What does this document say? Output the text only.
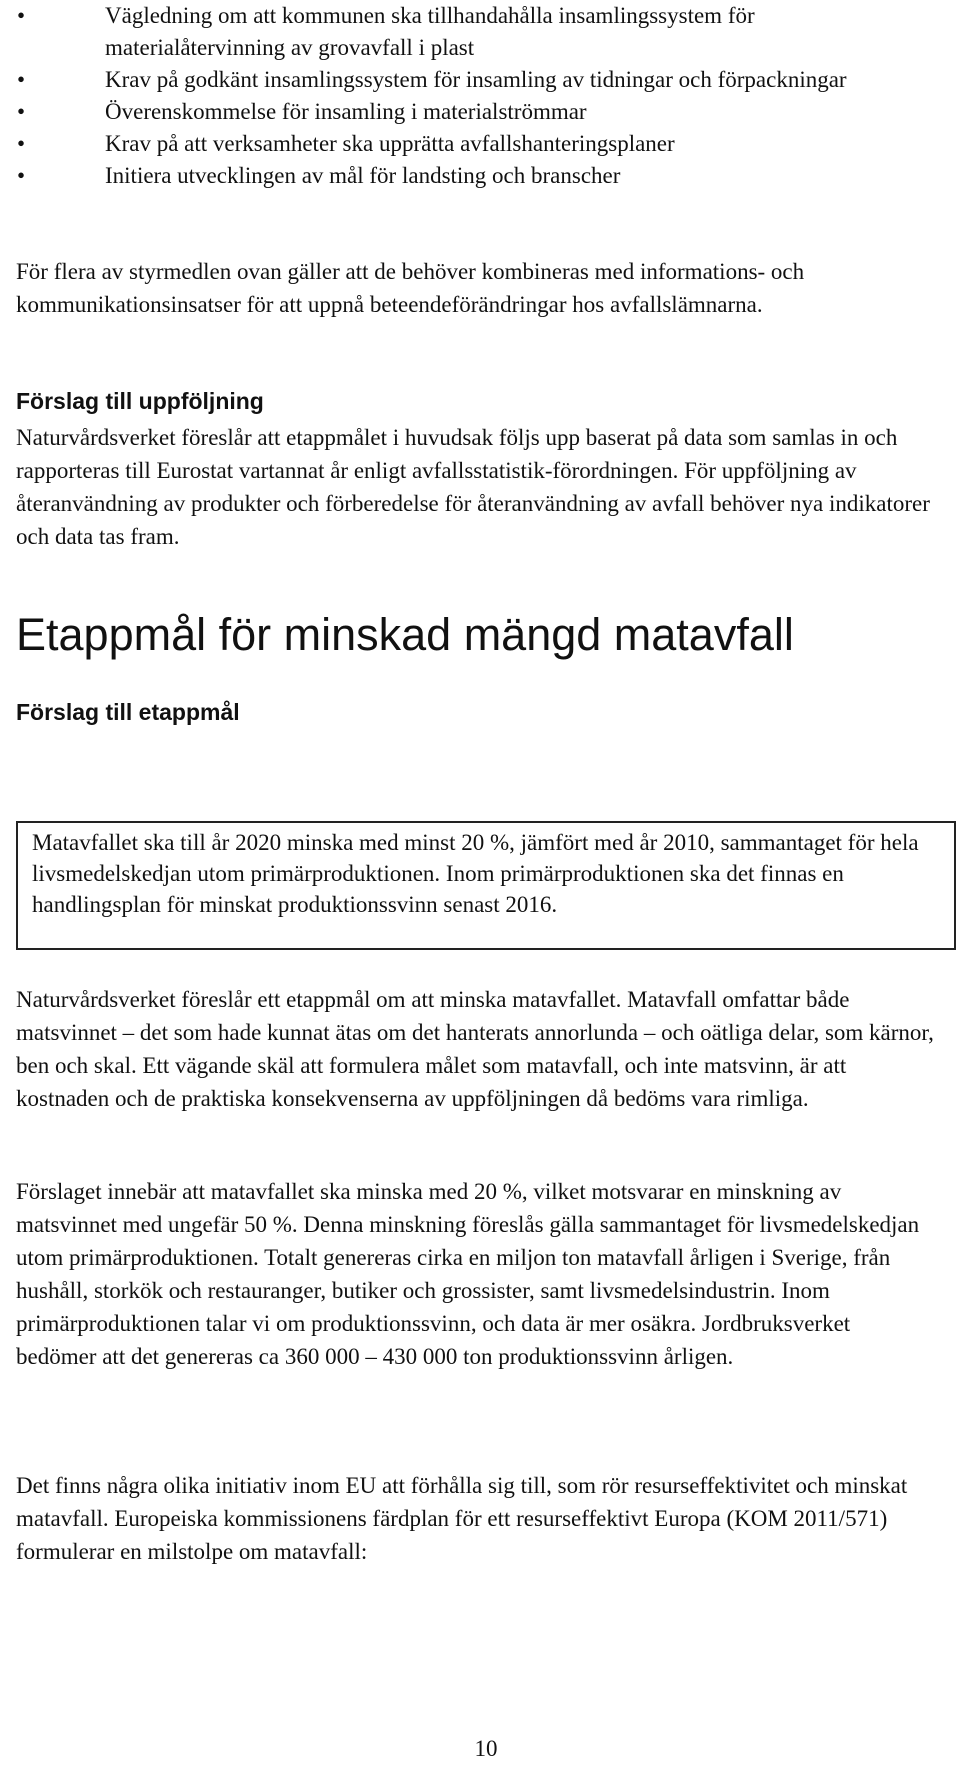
•	Vägledning om att kommunen ska tillhandahålla insamlingssystem för materialåtervinning av grovavfall i plast
•	Krav på godkänt insamlingssystem för insamling av tidningar och förpackningar
•	Överenskommelse för insamling i materialströmmar
•	Krav på att verksamheter ska upprätta avfallshanteringsplaner
•	Initiera utvecklingen av mål för landsting och branscher

För flera av styrmedlen ovan gäller att de behöver kombineras med informations- och kommunikationsinsatser för att uppnå beteendeförändringar hos avfallslämnarna.

Förslag till uppföljning

Naturvårdsverket föreslår att etappmålet i huvudsak följs upp baserat på data som samlas in och rapporteras till Eurostat vartannat år enligt avfallsstatistik-förordningen. För uppföljning av återanvändning av produkter och förberedelse för återanvändning av avfall behöver nya indikatorer och data tas fram.

Etappmål för minskad mängd matavfall
Förslag till etappmål

Matavfallet ska till år 2020 minska med minst 20 %, jämfört med år 2010, sammantaget för hela livsmedelskedjan utom primärproduktionen. Inom primärproduktionen ska det finnas en handlingsplan för minskat produktionssvinn senast 2016.

Naturvårdsverket föreslår ett etappmål om att minska matavfallet. Matavfall omfattar både matsvinnet – det som hade kunnat ätas om det hanterats annorlunda – och oätliga delar, som kärnor, ben och skal. Ett vägande skäl att formulera målet som matavfall, och inte matsvinn, är att kostnaden och de praktiska konsekvenserna av uppföljningen då bedöms vara rimliga.

Förslaget innebär att matavfallet ska minska med 20 %, vilket motsvarar en minskning av matsvinnet med ungefär 50 %. Denna minskning föreslås gälla sammantaget för livsmedelskedjan utom primärproduktionen. Totalt genereras cirka en miljon ton matavfall årligen i Sverige, från hushåll, storkök och restauranger, butiker och grossister, samt livsmedelsindustrin. Inom primärproduktionen talar vi om produktionssvinn, och data är mer osäkra. Jordbruksverket bedömer att det genereras ca 360 000 – 430 000 ton produktionssvinn årligen.

Det finns några olika initiativ inom EU att förhålla sig till, som rör resurseffektivitet och minskat matavfall. Europeiska kommissionens färdplan för ett resurseffektivt Europa (KOM 2011/571) formulerar en milstolpe om matavfall:

10
